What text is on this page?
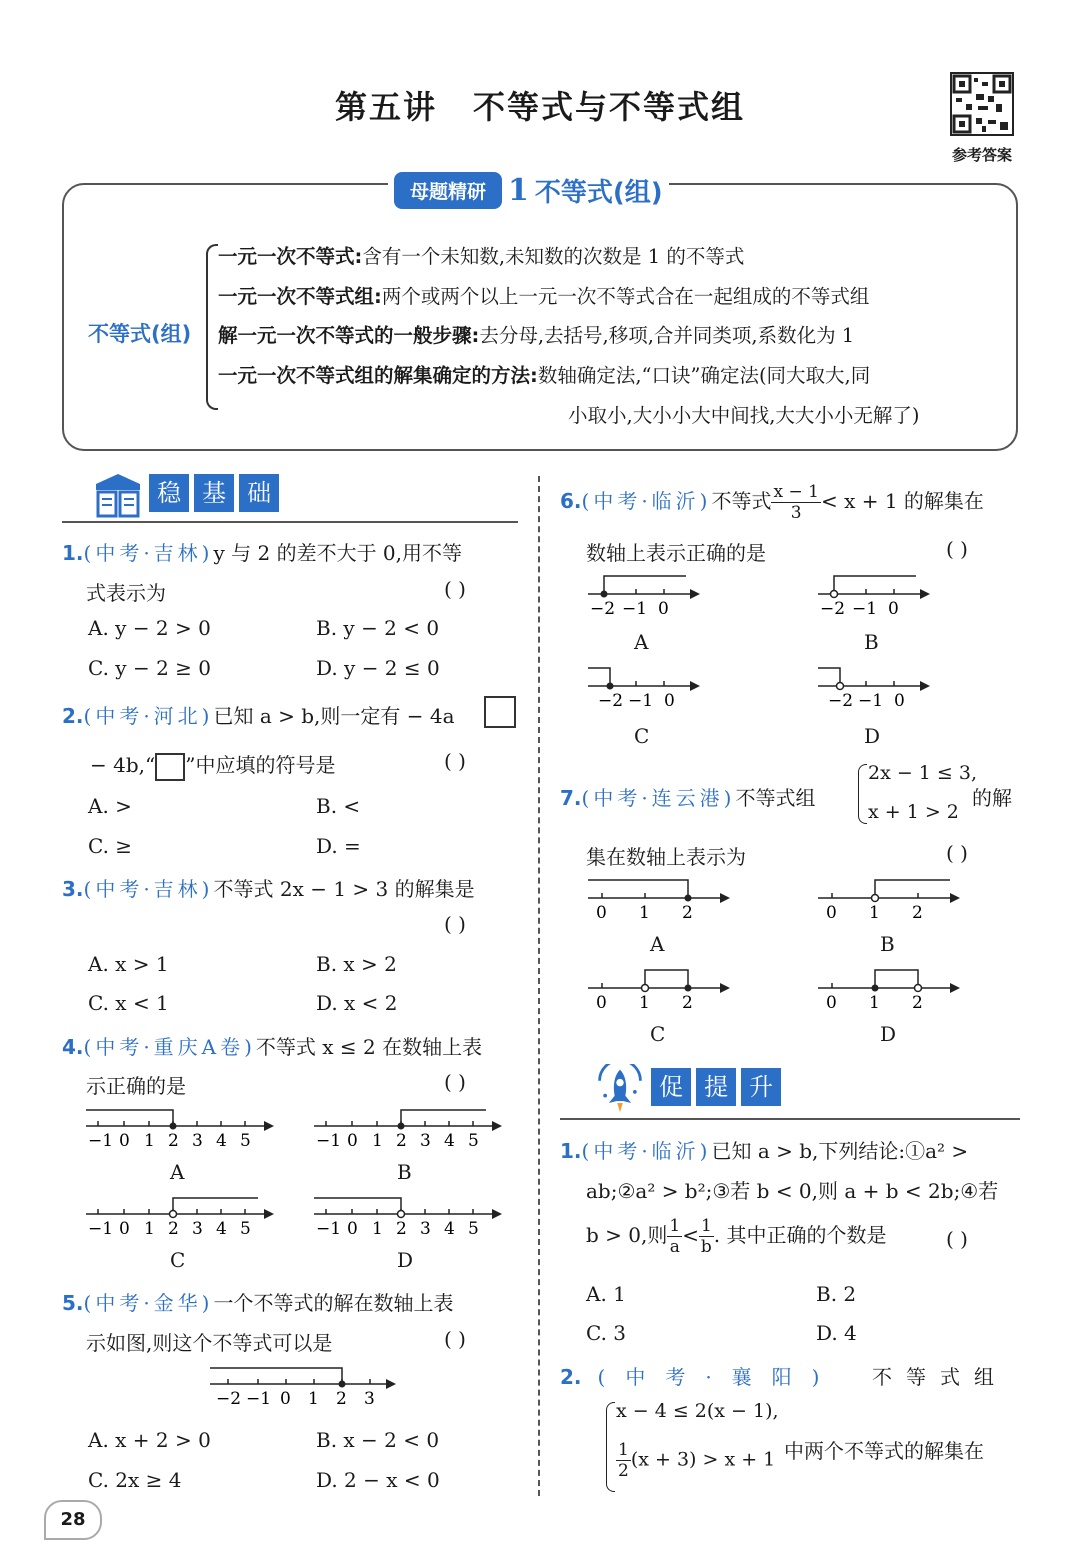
第五讲 不等式与不等式组
参考答案
母题精研 1 不等式(组)
不等式(组)
一元一次不等式:含有一个未知数,未知数的次数是 1 的不等式
一元一次不等式组:两个或两个以上一元一次不等式合在一起组成的不等式组
解一元一次不等式的一般步骤:去分母,去括号,移项,合并同类项,系数化为 1
一元一次不等式组的解集确定的方法:数轴确定法,“口诀”确定法(同大取大,同
小取小,大小小大中间找,大大小小无解了)
稳 基 础
1.(中考·吉林)y 与 2 的差不大于 0,用不等
式表示为	( )
A. y − 2 > 0	B. y − 2 < 0
C. y − 2 ≥ 0	D. y − 2 ≤ 0
2.(中考·河北)已知 a > b,则一定有 − 4a
− 4b,“ ”中应填的符号是	( )
A. >	B. <
C. ≥	D. =
3.(中考·吉林)不等式 2x − 1 > 3 的解集是
( )
A. x > 1	B. x > 2
C. x < 1	D. x < 2
4.(中考·重庆A卷)不等式 x ≤ 2 在数轴上表
示正确的是	( )
−1 0 1 2 3 4 5
A
−1 0 1 2 3 4 5
B
−1 0 1 2 3 4 5
C
−1 0 1 2 3 4 5
D
5.(中考·金华)一个不等式的解在数轴上表
示如图,则这个不等式可以是	( )
−2 −1 0 1 2 3
A. x + 2 > 0	B. x − 2 < 0
C. 2x ≥ 4	D. 2 − x < 0
6.(中考·临沂)不等式 $\frac{x - 1}{3} < x + 1$ 的解集在
数轴上表示正确的是	( )
−2 −1 0
A
−2 −1 0
B
−2 −1 0
C
−2 −1 0
D
7.(中考·连云港)不等式组
2x − 1 ≤ 3,
x + 1 > 2
的解
集在数轴上表示为	( )
0 1 2
A
0 1 2
B
0 1 2
C
0 1 2
D
促 提 升
1.(中考·临沂)已知 a > b,下列结论:①a² >
ab;②a² > b²;③若 b < 0,则 a + b < 2b;④若
b > 0,则 $\frac{1}{a} < \frac{1}{b}$ . 其中正确的个数是	( )
A. 1	B. 2
C. 3	D. 4
2. (中考·襄阳) 不等式组
x − 4 ≤ 2(x − 1),
$\frac{1}{2} (x + 3) > x + 1$ 中两个不等式的解集在
28
